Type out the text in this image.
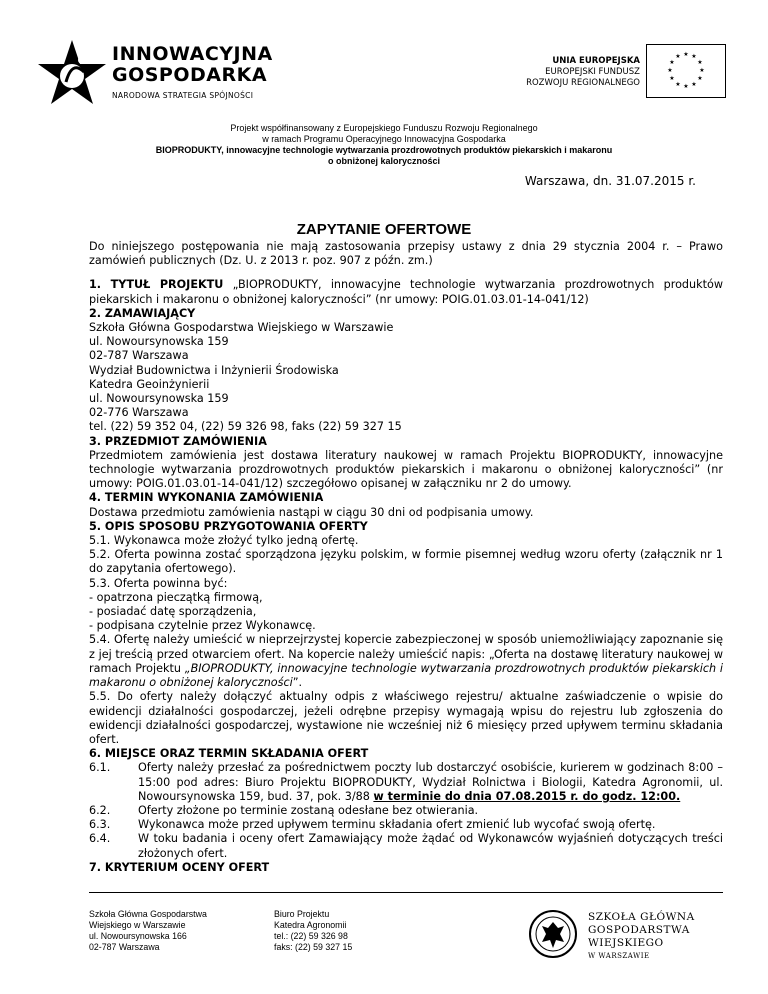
INNOWACYJNA
GOSPODARKA
NARODOWA STRATEGIA SPÓJNOŚCI
UNIA EUROPEJSKA
EUROPEJSKI FUNDUSZ
ROZWOJU REGIONALNEGO
★ ★
★
★
★
★
★
★
★
★
★
★
Projekt współfinansowany z Europejskiego Funduszu Rozwoju Regionalnego
w ramach Programu Operacyjnego Innowacyjna Gospodarka
BIOPRODUKTY, innowacyjne technologie wytwarzania prozdrowotnych produktów piekarskich i makaronu
o obniżonej kaloryczności
Warszawa, dn. 31.07.2015 r.
ZAPYTANIE OFERTOWE

Do niniejszego postępowania nie mają zastosowania przepisy ustawy z dnia 29 stycznia 2004 r. – Prawo zamówień publicznych (Dz. U. z 2013 r. poz. 907 z późn. zm.)

1. TYTUŁ PROJEKTU „BIOPRODUKTY, innowacyjne technologie wytwarzania prozdrowotnych produktów piekarskich i makaronu o obniżonej kaloryczności” (nr umowy: POIG.01.03.01-14-041/12)

2. ZAMAWIAJĄCY

Szkoła Główna Gospodarstwa Wiejskiego w Warszawie

ul. Nowoursynowska 159

02-787 Warszawa

Wydział Budownictwa i Inżynierii Środowiska

Katedra Geoinżynierii

ul. Nowoursynowska 159

02-776 Warszawa

tel. (22) 59 352 04, (22) 59 326 98, faks (22) 59 327 15

3. PRZEDMIOT ZAMÓWIENIA

Przedmiotem zamówienia jest dostawa literatury naukowej w ramach Projektu BIOPRODUKTY, innowacyjne technologie wytwarzania prozdrowotnych produktów piekarskich i makaronu o obniżonej kaloryczności” (nr umowy: POIG.01.03.01-14-041/12) szczegółowo opisanej w załączniku nr 2 do umowy.

4. TERMIN WYKONANIA ZAMÓWIENIA

Dostawa przedmiotu zamówienia nastąpi w ciągu 30 dni od podpisania umowy.

5. OPIS SPOSOBU PRZYGOTOWANIA OFERTY

5.1. Wykonawca może złożyć tylko jedną ofertę.

5.2. Oferta powinna zostać sporządzona języku polskim, w formie pisemnej według wzoru oferty (załącznik nr 1 do zapytania ofertowego).

5.3. Oferta powinna być:

- opatrzona pieczątką firmową,

- posiadać datę sporządzenia,

- podpisana czytelnie przez Wykonawcę.

5.4. Ofertę należy umieścić w nieprzejrzystej kopercie zabezpieczonej w sposób uniemożliwiający zapoznanie się z jej treścią przed otwarciem ofert. Na kopercie należy umieścić napis: „Oferta na dostawę literatury naukowej w ramach Projektu „BIOPRODUKTY, innowacyjne technologie wytwarzania prozdrowotnych produktów piekarskich i makaronu o obniżonej kaloryczności”.

5.5. Do oferty należy dołączyć aktualny odpis z właściwego rejestru/ aktualne zaświadczenie o wpisie do ewidencji działalności gospodarczej, jeżeli odrębne przepisy wymagają wpisu do rejestru lub zgłoszenia do ewidencji działalności gospodarczej, wystawione nie wcześniej niż 6 miesięcy przed upływem terminu składania ofert.

6. MIEJSCE ORAZ TERMIN SKŁADANIA OFERT

6.1.	Oferty należy przesłać za pośrednictwem poczty lub dostarczyć osobiście, kurierem w godzinach 8:00 – 15:00 pod adres: Biuro Projektu BIOPRODUKTY, Wydział Rolnictwa i Biologii, Katedra Agronomii, ul. Nowoursynowska 159, bud. 37, pok. 3/88 w terminie do dnia 07.08.2015 r. do godz. 12:00.
6.2.	Oferty złożone po terminie zostaną odesłane bez otwierania.
6.3.	Wykonawca może przed upływem terminu składania ofert zmienić lub wycofać swoją ofertę.
6.4.	W toku badania i oceny ofert Zamawiający może żądać od Wykonawców wyjaśnień dotyczących treści złożonych ofert.

7. KRYTERIUM OCENY OFERT

Szkoła Główna Gospodarstwa
Wiejskiego w Warszawie
ul. Nowoursynowska 166
02-787 Warszawa
Biuro Projektu
Katedra Agronomii
tel.: (22) 59 326 98
faks: (22) 59 327 15
SZKOŁA GŁÓWNA
GOSPODARSTWA
WIEJSKIEGO
W WARSZAWIE
